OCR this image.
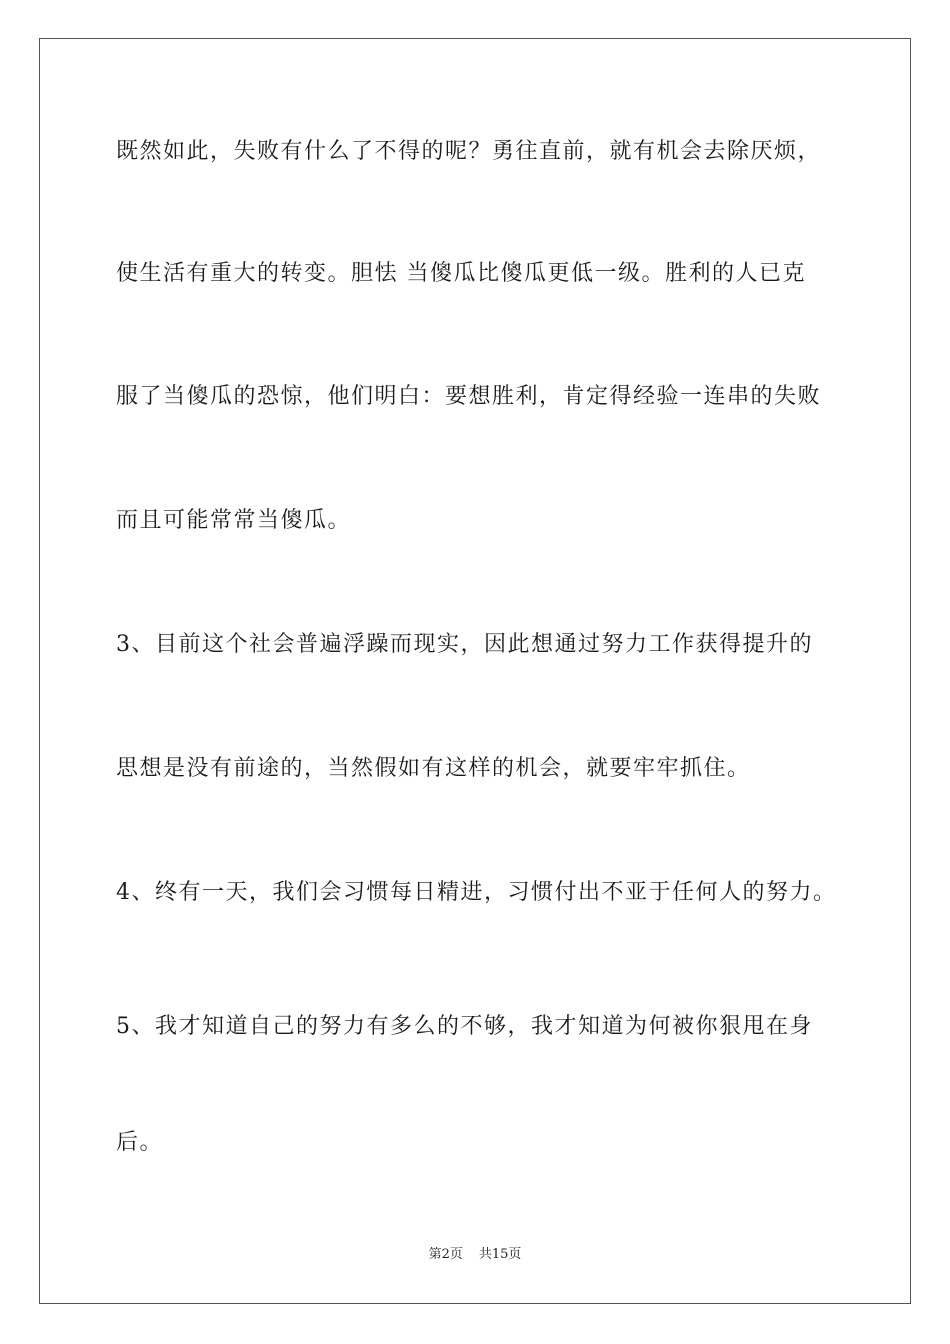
既然如此，失败有什么了不得的呢？勇往直前，就有机会去除厌烦，
使生活有重大的转变。胆怯 当傻瓜比傻瓜更低一级。胜利的人已克
服了当傻瓜的恐惊，他们明白：要想胜利，肯定得经验一连串的失败
而且可能常常当傻瓜。
3、目前这个社会普遍浮躁而现实，因此想通过努力工作获得提升的
思想是没有前途的，当然假如有这样的机会，就要牢牢抓住。
4、终有一天，我们会习惯每日精进，习惯付出不亚于任何人的努力。
5、我才知道自己的努力有多么的不够，我才知道为何被你狠甩在身
后。
第2页 共15页
